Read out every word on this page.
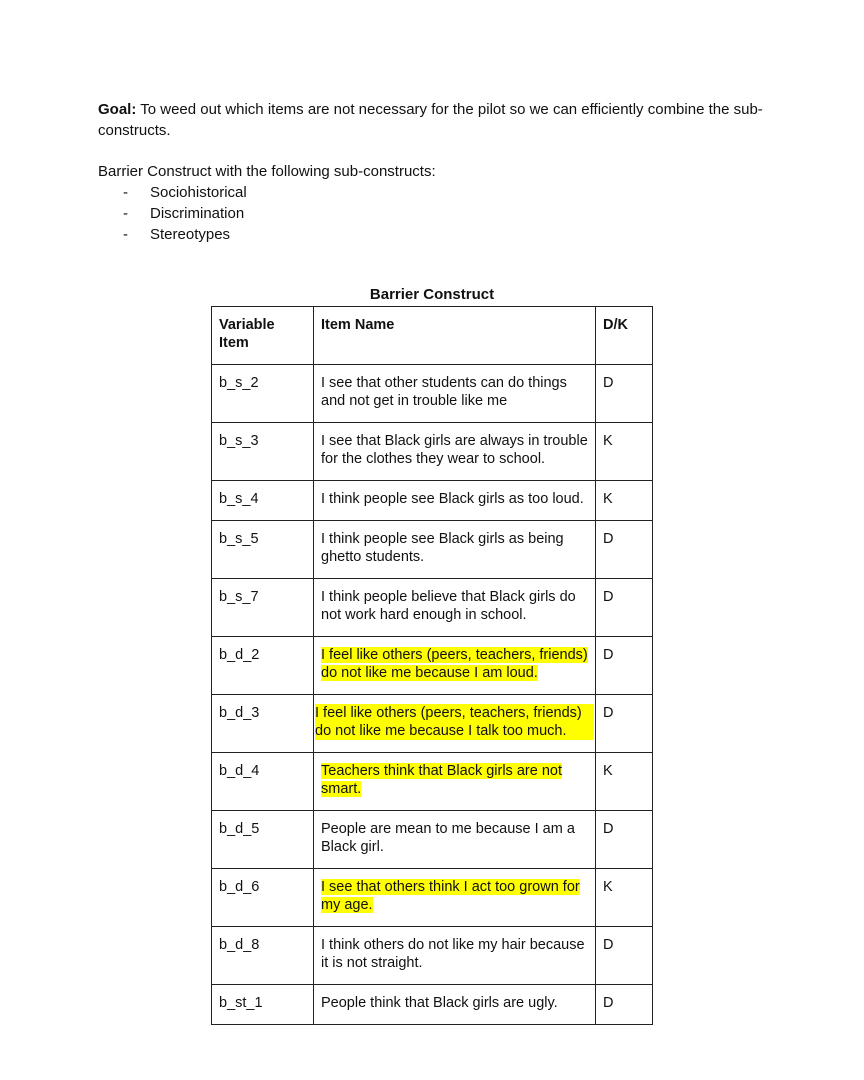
Goal: To weed out which items are not necessary for the pilot so we can efficiently combine the sub-constructs.

Barrier Construct with the following sub-constructs:

- Sociohistorical
- Discrimination
- Stereotypes
Barrier Construct
Variable Item	Item Name	D/K
b_s_2	I see that other students can do things and not get in trouble like me	D
b_s_3	I see that Black girls are always in trouble for the clothes they wear to school.	K
b_s_4	I think people see Black girls as too loud.	K
b_s_5	I think people see Black girls as being ghetto students.	D
b_s_7	I think people believe that Black girls do not work hard enough in school.	D
b_d_2	I feel like others (peers, teachers, friends) do not like me because I am loud.	D
b_d_3	I feel like others (peers, teachers, friends) do not like me because I talk too much.	D
b_d_4	Teachers think that Black girls are not smart.	K
b_d_5	People are mean to me because I am a Black girl.	D
b_d_6	I see that others think I act too grown for my age.	K
b_d_8	I think others do not like my hair because it is not straight.	D
b_st_1	People think that Black girls are ugly.	D
